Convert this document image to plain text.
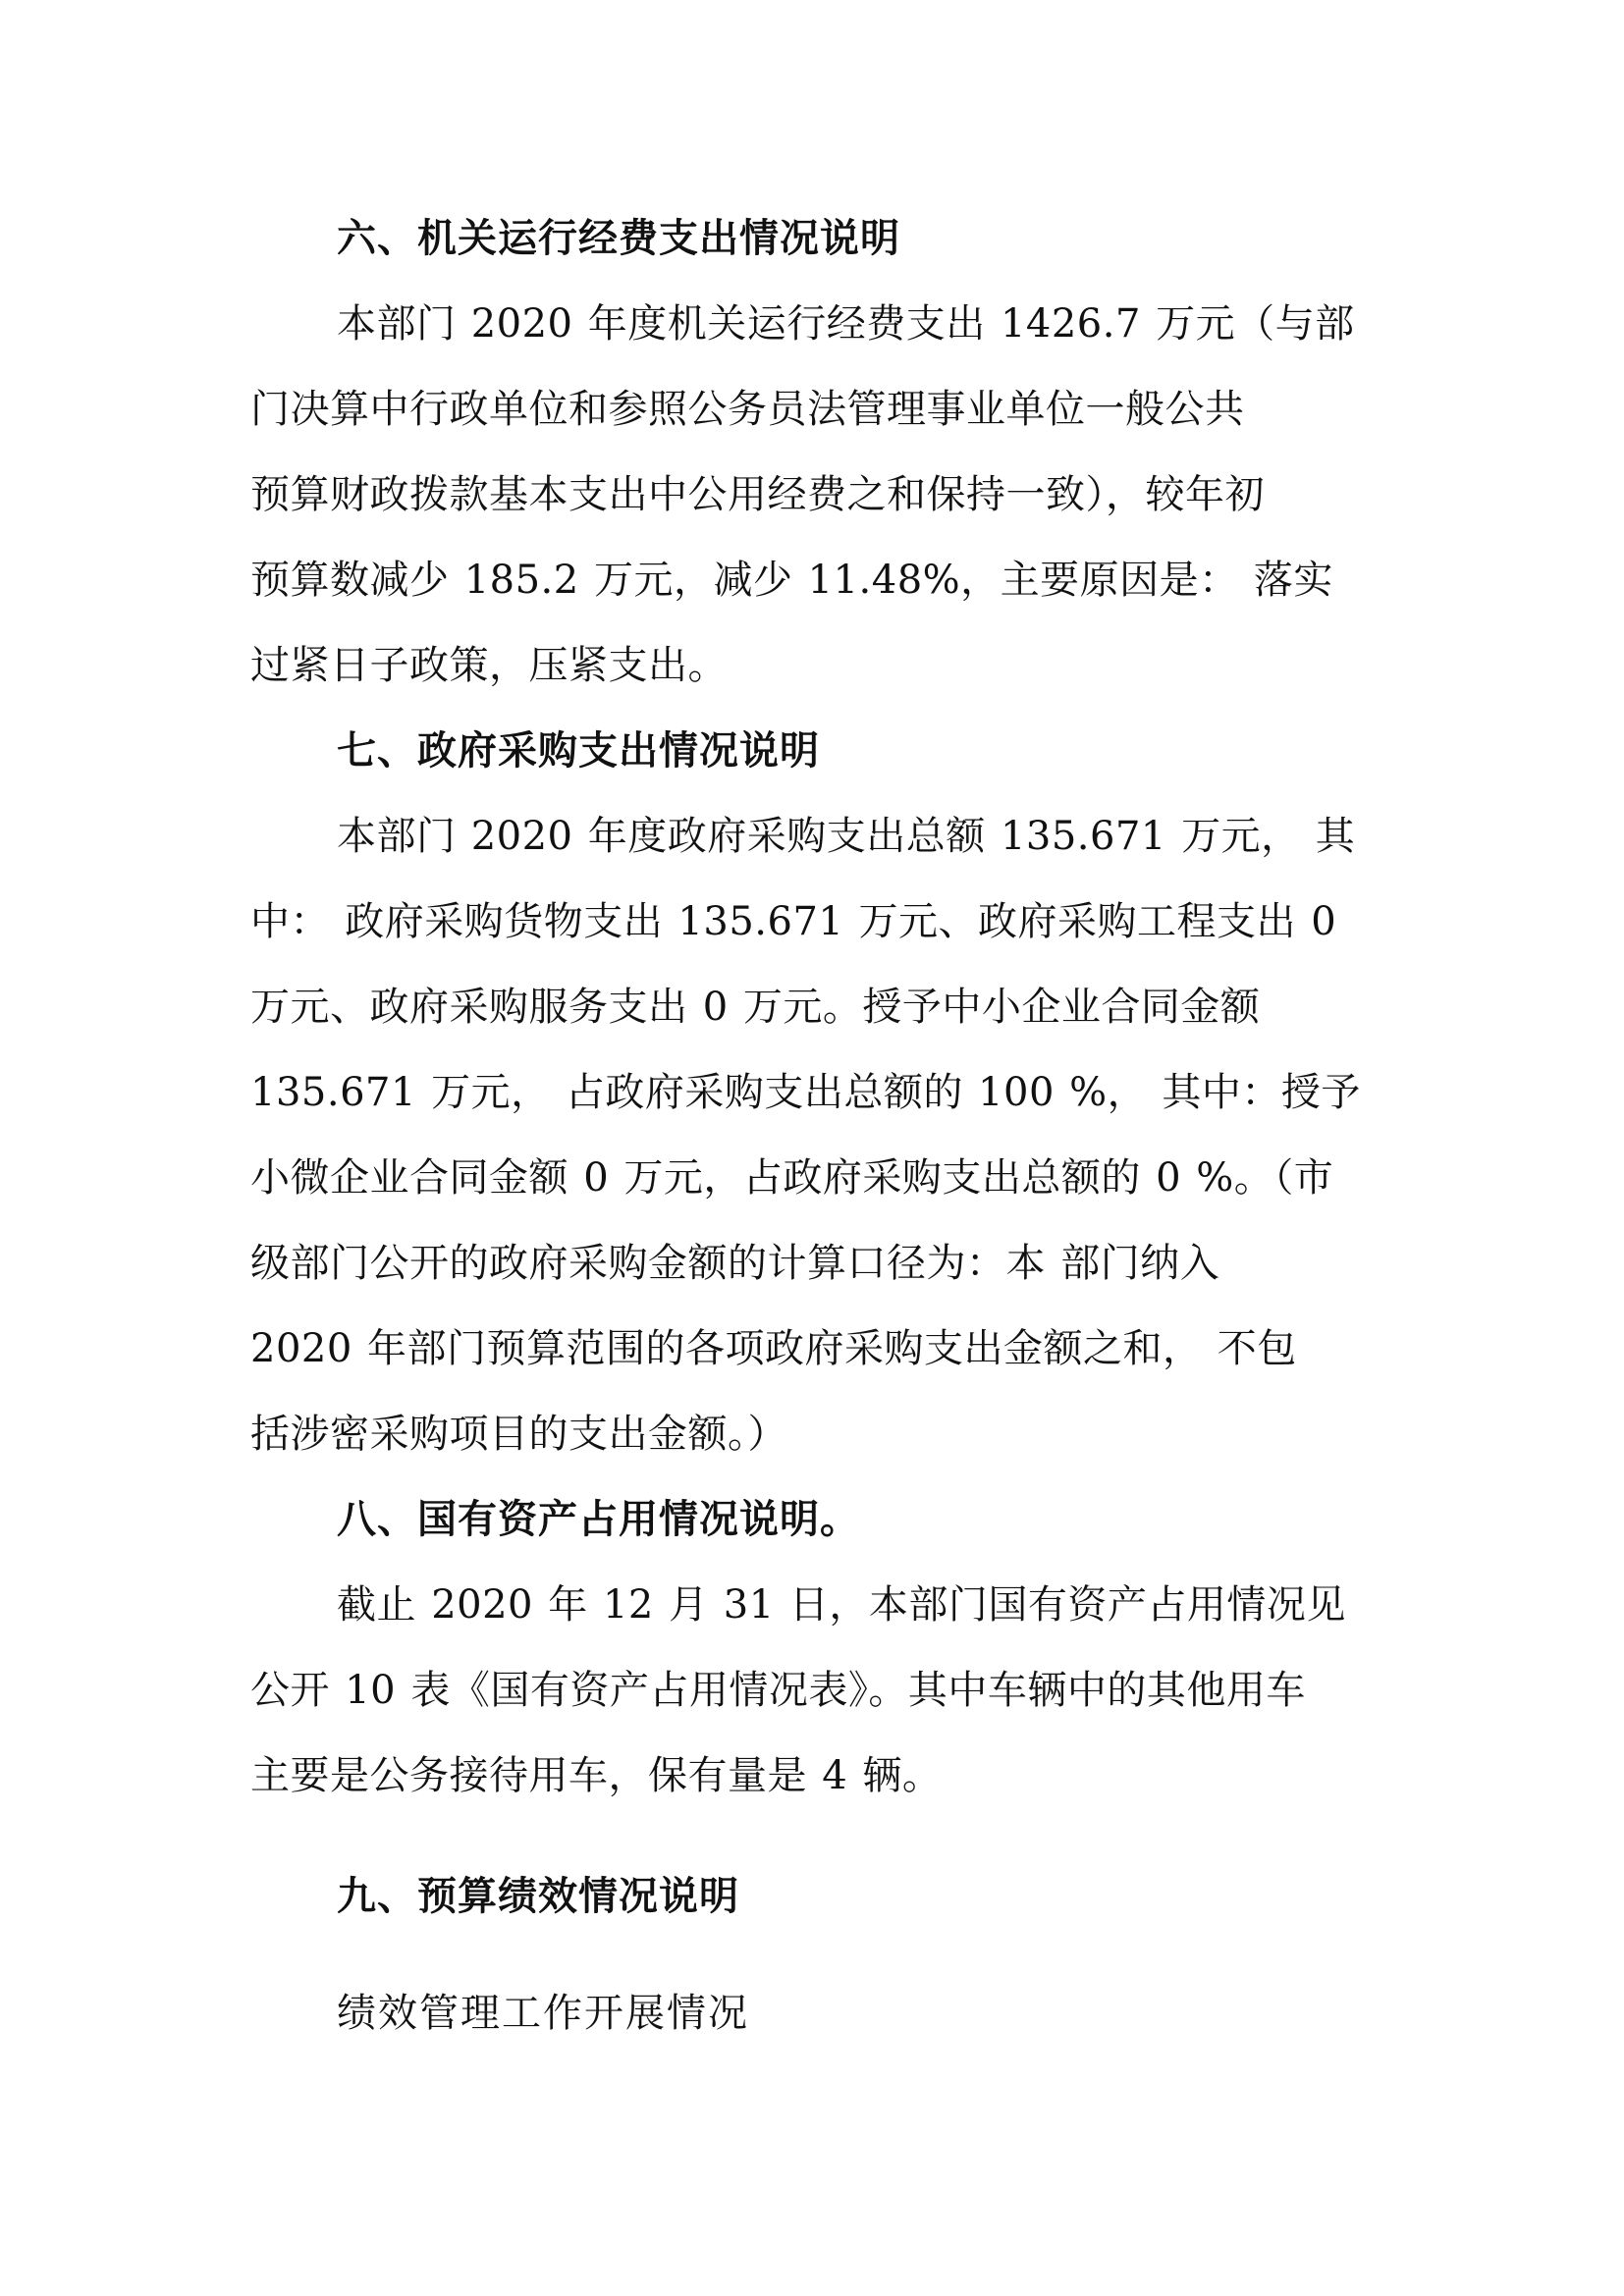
六、机关运行经费支出情况说明

本部门 2020 年度机关运行经费支出 1426.7 万元（与部

门决算中行政单位和参照公务员法管理事业单位一般公共

预算财政拨款基本支出中公用经费之和保持一致），较年初

预算数减少 185.2 万元，减少 11.48%，主要原因是： 落实

过紧日子政策，压紧支出。

七、政府采购支出情况说明

本部门 2020 年度政府采购支出总额 135.671 万元， 其

中： 政府采购货物支出 135.671 万元、政府采购工程支出 0

万元、政府采购服务支出 0 万元。授予中小企业合同金额

135.671 万元， 占政府采购支出总额的 100 %， 其中：授予

小微企业合同金额 0 万元，占政府采购支出总额的 0 %。（市

级部门公开的政府采购金额的计算口径为：本 部门纳入

2020 年部门预算范围的各项政府采购支出金额之和， 不包

括涉密采购项目的支出金额。）

八、国有资产占用情况说明。

截止 2020 年 12 月 31 日，本部门国有资产占用情况见

公开 10 表《国有资产占用情况表》。其中车辆中的其他用车

主要是公务接待用车，保有量是 4 辆。

九、预算绩效情况说明

绩效管理工作开展情况
